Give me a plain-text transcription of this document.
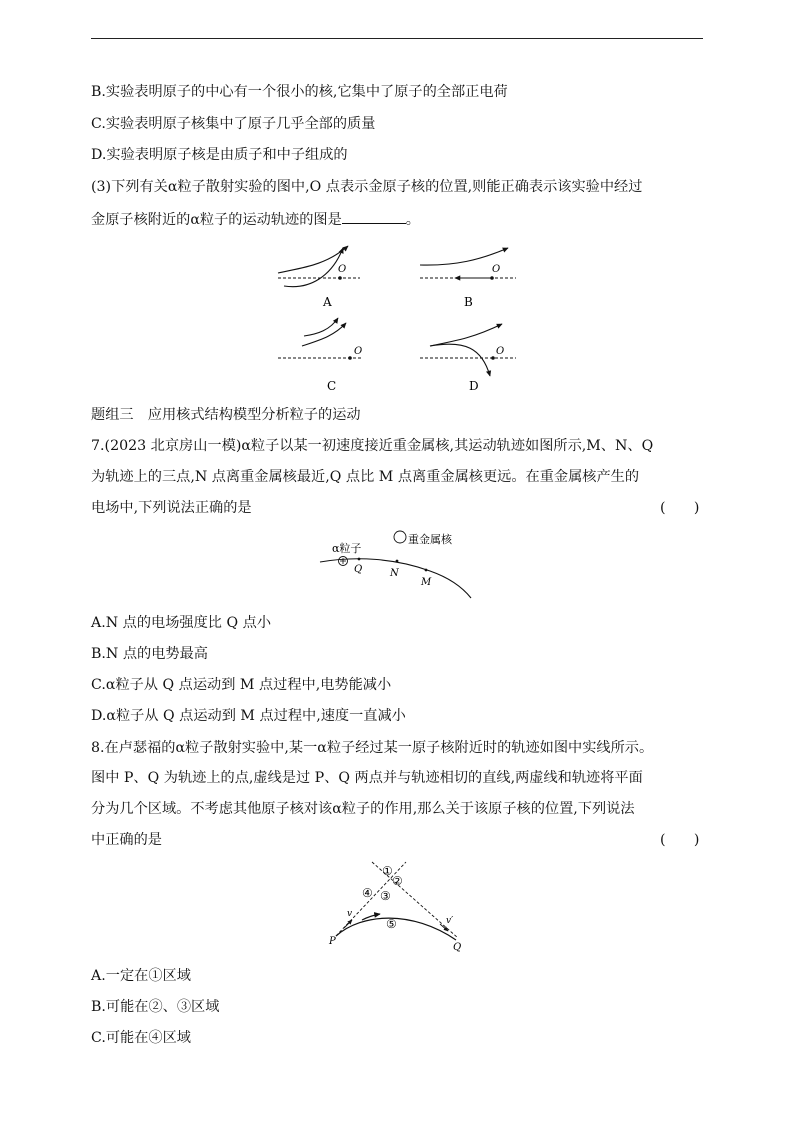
B.实验表明原子的中心有一个很小的核,它集中了原子的全部正电荷
C.实验表明原子核集中了原子几乎全部的质量
D.实验表明原子核是由质子和中子组成的
(3)下列有关α粒子散射实验的图中,O 点表示金原子核的位置,则能正确表示该实验中经过
金原子核附近的α粒子的运动轨迹的图是	。
O
A
O
B
O
C
O
D
题组三　应用核式结构模型分析粒子的运动
7.(2023 北京房山一模)α粒子以某一初速度接近重金属核,其运动轨迹如图所示,M、N、Q
为轨迹上的三点,N 点离重金属核最近,Q 点比 M 点离重金属核更远。在重金属核产生的
电场中,下列说法正确的是	(　　)
α粒子
重金属核
Q	N
M
A.N 点的电场强度比 Q 点小
B.N 点的电势最高
C.α粒子从 Q 点运动到 M 点过程中,电势能减小
D.α粒子从 Q 点运动到 M 点过程中,速度一直减小
8.在卢瑟福的α粒子散射实验中,某一α粒子经过某一原子核附近时的轨迹如图中实线所示。
图中 P、Q 为轨迹上的点,虚线是过 P、Q 两点并与轨迹相切的直线,两虚线和轨迹将平面
分为几个区域。不考虑其他原子核对该α粒子的作用,那么关于该原子核的位置,下列说法
中正确的是	(　　)
P
Q
v
v′
①
②
③
④
⑤
A.一定在①区域
B.可能在②、③区域
C.可能在④区域
